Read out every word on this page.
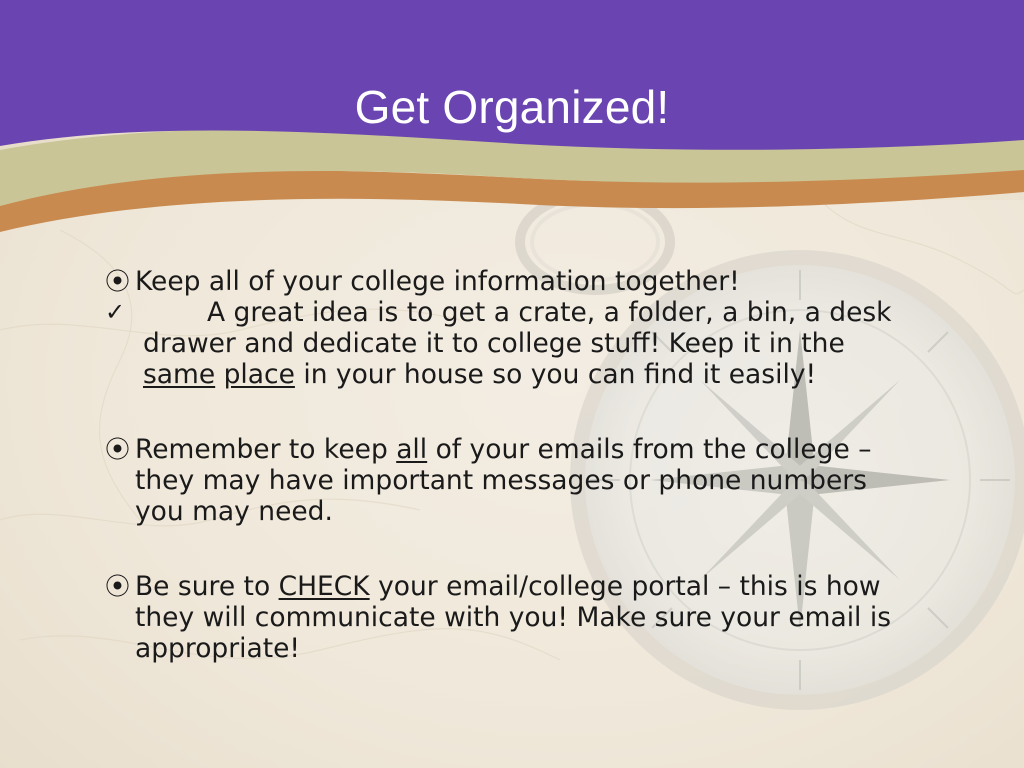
Get Organized!
⦿ Keep all of your college information together!
✓	A great idea is to get a crate, a folder, a bin, a desk
drawer and dedicate it to college stuff! Keep it in the
same place in your house so you can find it easily!
⦿ Remember to keep all of your emails from the college –
they may have important messages or phone numbers
you may need.
⦿ Be sure to CHECK your email/college portal – this is how
they will communicate with you! Make sure your email is
appropriate!
